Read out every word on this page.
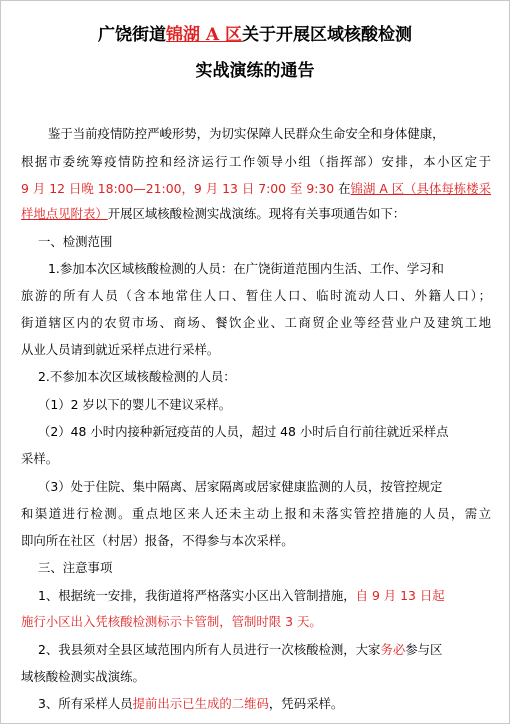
广饶街道锦湖 A 区关于开展区域核酸检测
实战演练的通告
鉴于当前疫情防控严峻形势，为切实保障人民群众生命安全和身体健康，
根据市委统筹疫情防控和经济运行工作领导小组（指挥部）安排，本小区定于
9 月 12 日晚 18:00—21:00，9 月 13 日 7:00 至 9:30 在锦湖 A 区（具体每栋楼采
样地点见附表）开展区域核酸检测实战演练。现将有关事项通告如下：
一、检测范围
1.参加本次区域核酸检测的人员：在广饶街道范围内生活、工作、学习和
旅游的所有人员（含本地常住人口、暂住人口、临时流动人口、外籍人口）；
街道辖区内的农贸市场、商场、餐饮企业、工商贸企业等经营业户及建筑工地
从业人员请到就近采样点进行采样。
2.不参加本次区域核酸检测的人员：
（1）2 岁以下的婴儿不建议采样。
（2）48 小时内接种新冠疫苗的人员，超过 48 小时后自行前往就近采样点
采样。
（3）处于住院、集中隔离、居家隔离或居家健康监测的人员，按管控规定
和渠道进行检测。重点地区来人还未主动上报和未落实管控措施的人员，需立
即向所在社区（村居）报备，不得参与本次采样。
三、注意事项
1、根据统一安排，我街道将严格落实小区出入管制措施，自 9 月 13 日起
施行小区出入凭核酸检测标示卡管制，管制时限 3 天。
2、我县须对全县区域范围内所有人员进行一次核酸检测，大家务必参与区
域核酸检测实战演练。
3、所有采样人员提前出示已生成的二维码，凭码采样。
